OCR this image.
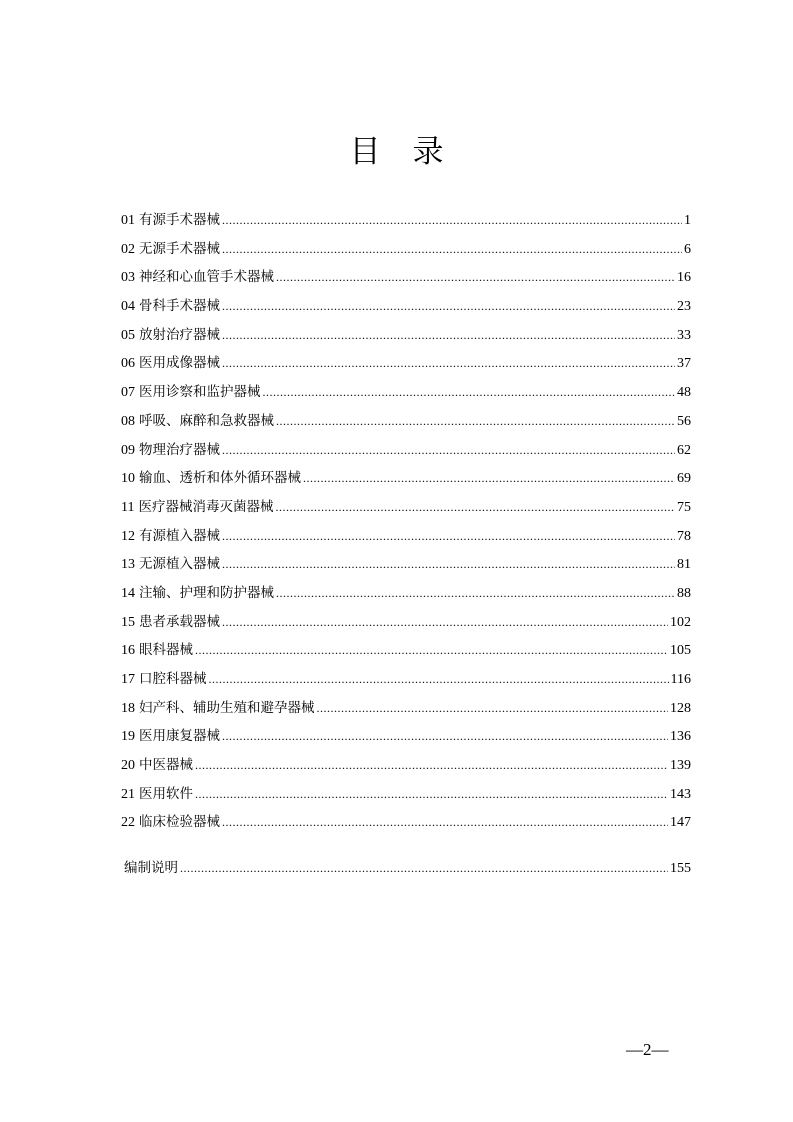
目 录
01 有源手术器械 .....	1
02 无源手术器械 .....	6
03 神经和心血管手术器械 .....	16
04 骨科手术器械 .....	23
05 放射治疗器械 .....	33
06 医用成像器械 .....	37
07 医用诊察和监护器械 .....	48
08 呼吸、麻醉和急救器械 .....	56
09 物理治疗器械 .....	62
10 输血、透析和体外循环器械 .....	69
11 医疗器械消毒灭菌器械 .....	75
12 有源植入器械 .....	78
13 无源植入器械 .....	81
14 注输、护理和防护器械 .....	88
15 患者承载器械 .....	102
16 眼科器械 .....	105
17 口腔科器械 .....	116
18 妇产科、辅助生殖和避孕器械 .....	128
19 医用康复器械 .....	136
20 中医器械 .....	139
21 医用软件 .....	143
22 临床检验器械 .....	147
编制说明 .....	155
—2—
